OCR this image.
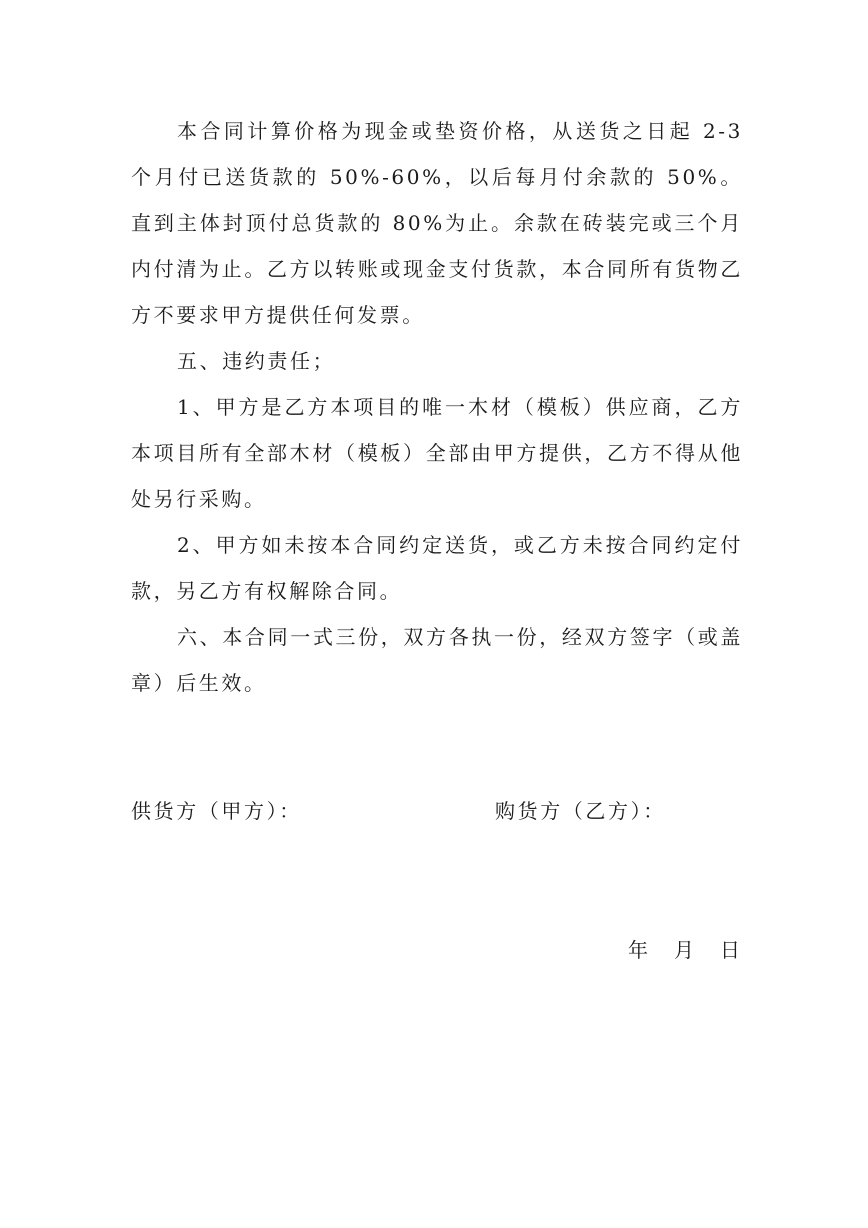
本合同计算价格为现金或垫资价格，从送货之日起 2-3 个月付已送货款的 50%-60%，以后每月付余款的 50%。直到主体封顶付总货款的 80%为止。余款在砖装完或三个月内付清为止。乙方以转账或现金支付货款，本合同所有货物乙方不要求甲方提供任何发票。

五、违约责任；

1、甲方是乙方本项目的唯一木材（模板）供应商，乙方本项目所有全部木材（模板）全部由甲方提供，乙方不得从他处另行采购。

2、甲方如未按本合同约定送货，或乙方未按合同约定付款，另乙方有权解除合同。

六、本合同一式三份，双方各执一份，经双方签字（或盖章）后生效。

供货方（甲方）：	购货方（乙方）：
年	月	日
